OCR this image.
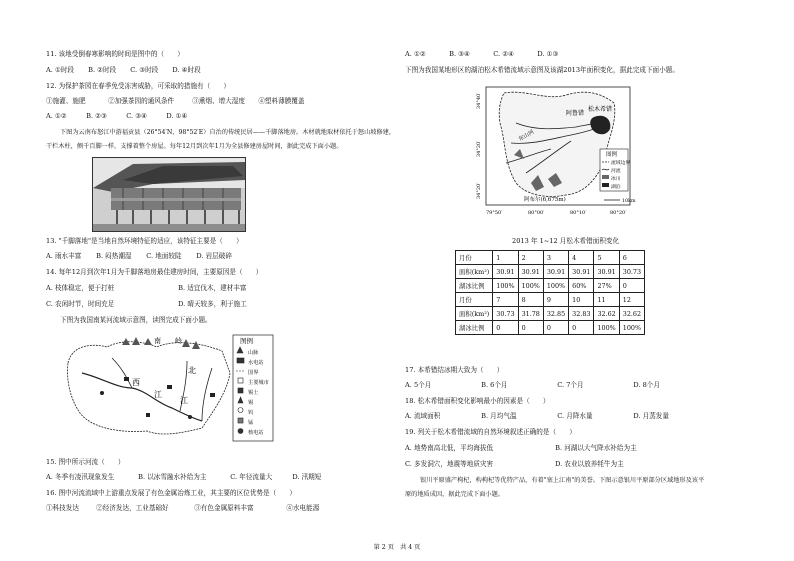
11. 该地受倒春寒影响的时间是图中的（　　）
A. ①时段 B. ②时段 C. ③时段 D. ④时段
12. 为保护茶园在春季免受冻害威胁，可采取的措施有（　　）
①施灌、施肥	②加强茶园的通风条件	③熏烟、增大湿度 ④塑料薄膜覆盖
A. ①②	B. ②③	C. ③④	D. ①④
下图为云南布怒江中游福贡县（26°54′N，98°52′E）自治的传统民居——千脚落地房。木材就地取材依托于怒山坡修建，
干栏木柱，侧千百脚一样，支撑着整个房屋。每年12月到次年1月为全县修建房屋时间，据此完成下面小题。
13. "千脚落地"是当地自然环境特征的适应，该特征主要是（　　）
A. 雨水丰富 B. 闷热潮湿 C. 地面较陡 D. 岩层破碎
14. 每年12月到次年1月为千脚落地房最佳建房时间，主要原因是（　　）
A. 枝体稳定，便于打桩	B. 适宜伐木，建材丰富
C. 农闲时节，时间充足	D. 晴天较多，利于施工
下图为我国南某河流域示意图，读图完成下面小题。
南　　岭
西
江
北
江
图例
山脉
水电站
国界
主要城市
锡土
锡
钨
锰
核电站
15. 图中所示河流（　　）
A. 冬季有凌汛现象发生	B. 以冰雪融水补给为主	C. 年径流量大	D. 汛期短
16. 图中河流流域中上游重点发展了有色金属冶炼工业，其主要的区位优势是（　　）
①科技发达	②经济发达，工业基础好	③有色金属原料丰富	④水电能源
A. ①②	B. ③④	C. ②④	D. ①③
下图为我国某地形区的湖泊松木希错流域示意图及该湖2013年面积变化，据此完成下面小题。
34°40′
34°20′
34°20′
阿鲁错
松木希错
东山河
阿布尔(6,675m)
图例
流域边界
河流
冰川
湖泊
10km
79°50′	80°00′	80°10′	80°20′
2013 年 1~12 月松木希错面积变化
月份	1	2	3	4	5	6
面积(km²)	30.91	30.91	30.91	30.91	30.91	30.73
湖冰比例	100%	100%	100%	60%	27%	0
月份	7	8	9	10	11	12
面积(km²)	30.73	31.78	32.85	32.83	32.62	32.62
湖冰比例	0	0	0	0	100%	100%
17. 本希错结冰期大致为（　　）
A. 5个月	B. 6个月	C. 7个月	D. 8个月
18. 松木希错面积变化影响最小的因素是（　　）
A. 流域面积	B. 月均气温	C. 月降水量	D. 月蒸发量
19. 列关于松木希错流域的自然环境叙述正确的是（　　）
A. 地势南高北低，平均海拔低	B. 河湖以大气降水补给为主
C. 多发洞穴，地震等地质灾害	D. 农业以放养牦牛为主
银川平原盛产枸杞，构枸杞等优特产品，有着"塞上江南"的美誉。下图示意银川平原部分区域地形及该平
原的地质成因，据此完成下面小题。
第 2 页　共 4 页
